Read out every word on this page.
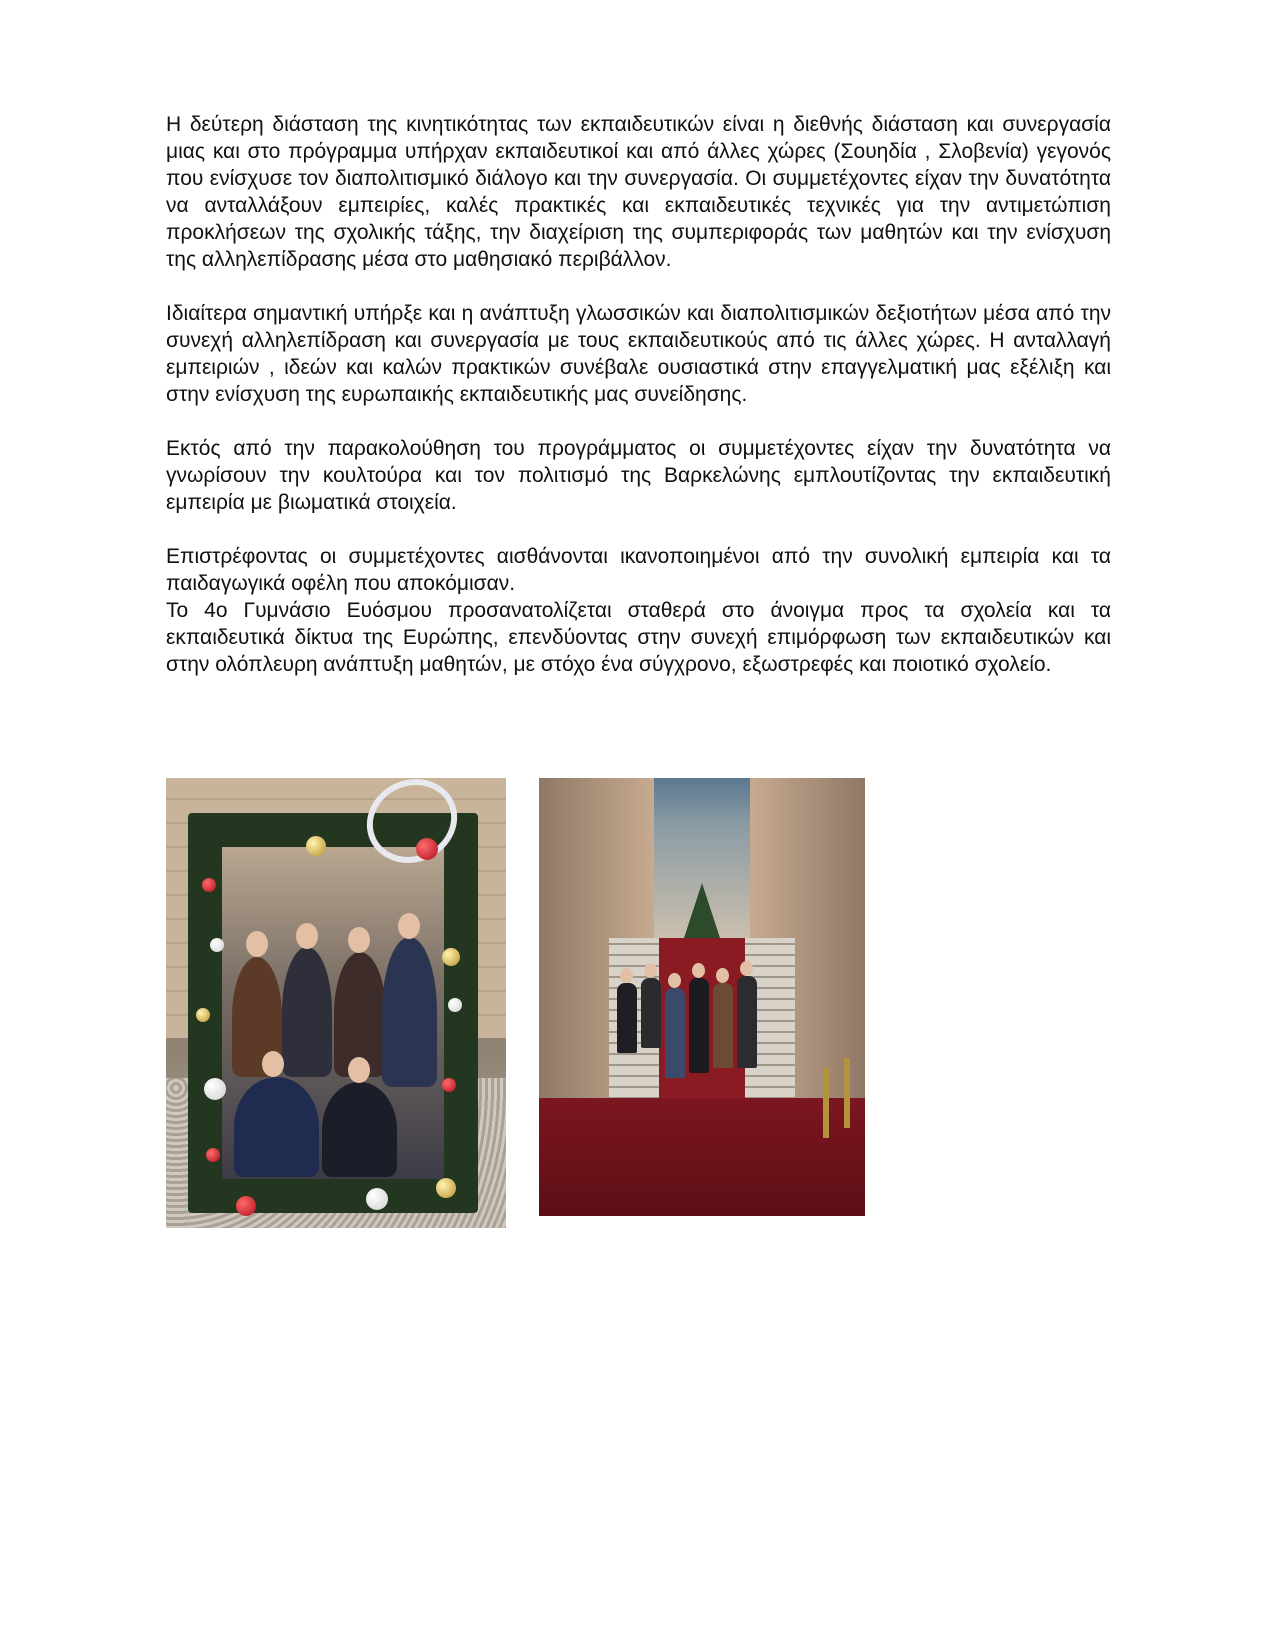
Η δεύτερη διάσταση της κινητικότητας των εκπαιδευτικών είναι η διεθνής διάσταση και συνεργασία μιας και στο πρόγραμμα υπήρχαν εκπαιδευτικοί και από άλλες χώρες (Σουηδία , Σλοβενία) γεγονός που ενίσχυσε τον διαπολιτισμικό διάλογο και την συνεργασία. Οι συμμετέχοντες είχαν την δυνατότητα να ανταλλάξουν εμπειρίες, καλές πρακτικές και εκπαιδευτικές τεχνικές για την αντιμετώπιση προκλήσεων της σχολικής τάξης, την διαχείριση της συμπεριφοράς των μαθητών και την ενίσχυση της αλληλεπίδρασης μέσα στο μαθησιακό περιβάλλον.

Ιδιαίτερα σημαντική υπήρξε και η ανάπτυξη γλωσσικών και διαπολιτισμικών δεξιοτήτων μέσα από την συνεχή αλληλεπίδραση και συνεργασία με τους εκπαιδευτικούς από τις άλλες χώρες. Η ανταλλαγή εμπειριών , ιδεών και καλών πρακτικών συνέβαλε ουσιαστικά στην επαγγελματική μας εξέλιξη και στην ενίσχυση της ευρωπαικής εκπαιδευτικής μας συνείδησης.

Εκτός από την παρακολούθηση του προγράμματος οι συμμετέχοντες είχαν την δυνατότητα να γνωρίσουν την κουλτούρα και τον πολιτισμό της Βαρκελώνης εμπλουτίζοντας την εκπαιδευτική εμπειρία με βιωματικά στοιχεία.

Επιστρέφοντας οι συμμετέχοντες αισθάνονται ικανοποιημένοι από την συνολική εμπειρία και τα παιδαγωγικά οφέλη που αποκόμισαν.

Το 4ο Γυμνάσιο Ευόσμου προσανατολίζεται σταθερά στο άνοιγμα προς τα σχολεία και τα εκπαιδευτικά δίκτυα της Ευρώπης, επενδύοντας στην συνεχή επιμόρφωση των εκπαιδευτικών και στην ολόπλευρη ανάπτυξη μαθητών, με στόχο ένα σύγχρονο, εξωστρεφές και ποιοτικό σχολείο.
